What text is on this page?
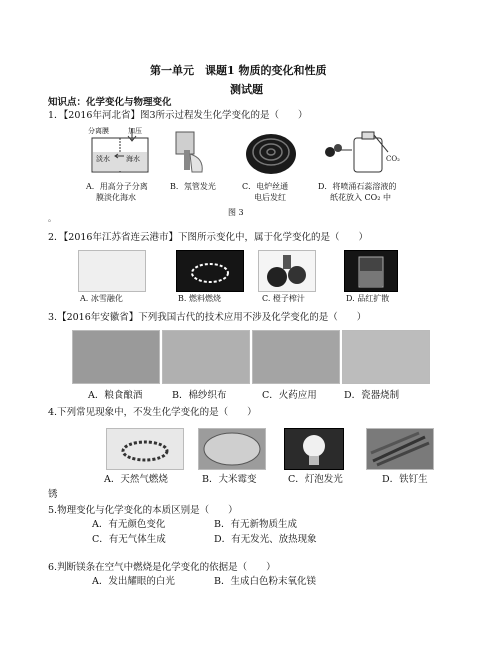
第一单元　课题1 物质的变化和性质
测试题
知识点：化学变化与物理变化
1．【2016年河北省】图3所示过程发生化学变化的是（　　）
分离膜	加压
淡水 海水	CO₂
A．用高分子分离
膜淡化海水
B．氖管发光	C．电炉丝通
电后发红
D．将喷涌石蕊溶液的
纸花放入 CO₂ 中
图 3
。
2．【2016年江苏省连云港市】下图所示变化中，属于化学变化的是（　　）
A. 冰雪融化	B. 燃料燃烧	C. 橙子榨汁	D. 品红扩散
3.【2016年安徽省】下列我国古代的技术应用不涉及化学变化的是（　　）
A．粮食酿酒	B．棉纱织布	C．火药应用	D．瓷器烧制
4.下列常见现象中，不发生化学变化的是（　　）
A．天然气燃烧	B．大米霉变	C．灯泡发光	D．铁钉生
锈
5.物理变化与化学变化的本质区别是（　　）
A．有无颜色变化	B．有无新物质生成
C．有无气体生成	D．有无发光、放热现象
6.判断镁条在空气中燃烧是化学变化的依据是（　　）
A．发出耀眼的白光	B．生成白色粉末氧化镁
